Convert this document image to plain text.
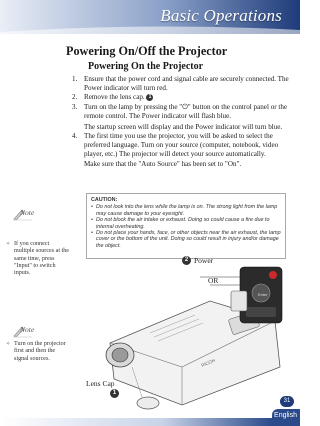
Basic Operations
Powering On/Off the Projector
Powering On the Projector
1. Ensure that the power cord and signal cable are securely connected. The Power indicator will turn red.
2. Remove the lens cap. 1
3. Turn on the lamp by pressing the "⏻" button on the control panel or the remote control. The Power indicator will flash blue.
The startup screen will display and the Power indicator will turn blue.
4. The first time you use the projector, you will be asked to select the preferred language. Turn on your source (computer, notebook, video player, etc.) The projector will detect your source automatically.
Make sure that the "Auto Source" has been set to "On".
CAUTION:
• Do not look into the lens while the lamp is on. The strong light from the lamp may cause damage to your eyesight.
• Do not block the air intake or exhaust. Doing so could cause a fire due to internal overheating.
• Do not place your hands, face, or other objects near the air exhaust, the lamp cover or the bottom of the unit. Doing so could result in injury and/or damage the object.
Note
✧ If you connect multiple sources at the same time, press "Input" to switch inputs.
Note
✧ Turn on the projector first and then the signal sources.
Enter
RICOH
2 Power
OR
Lens Cap
1
31
English
